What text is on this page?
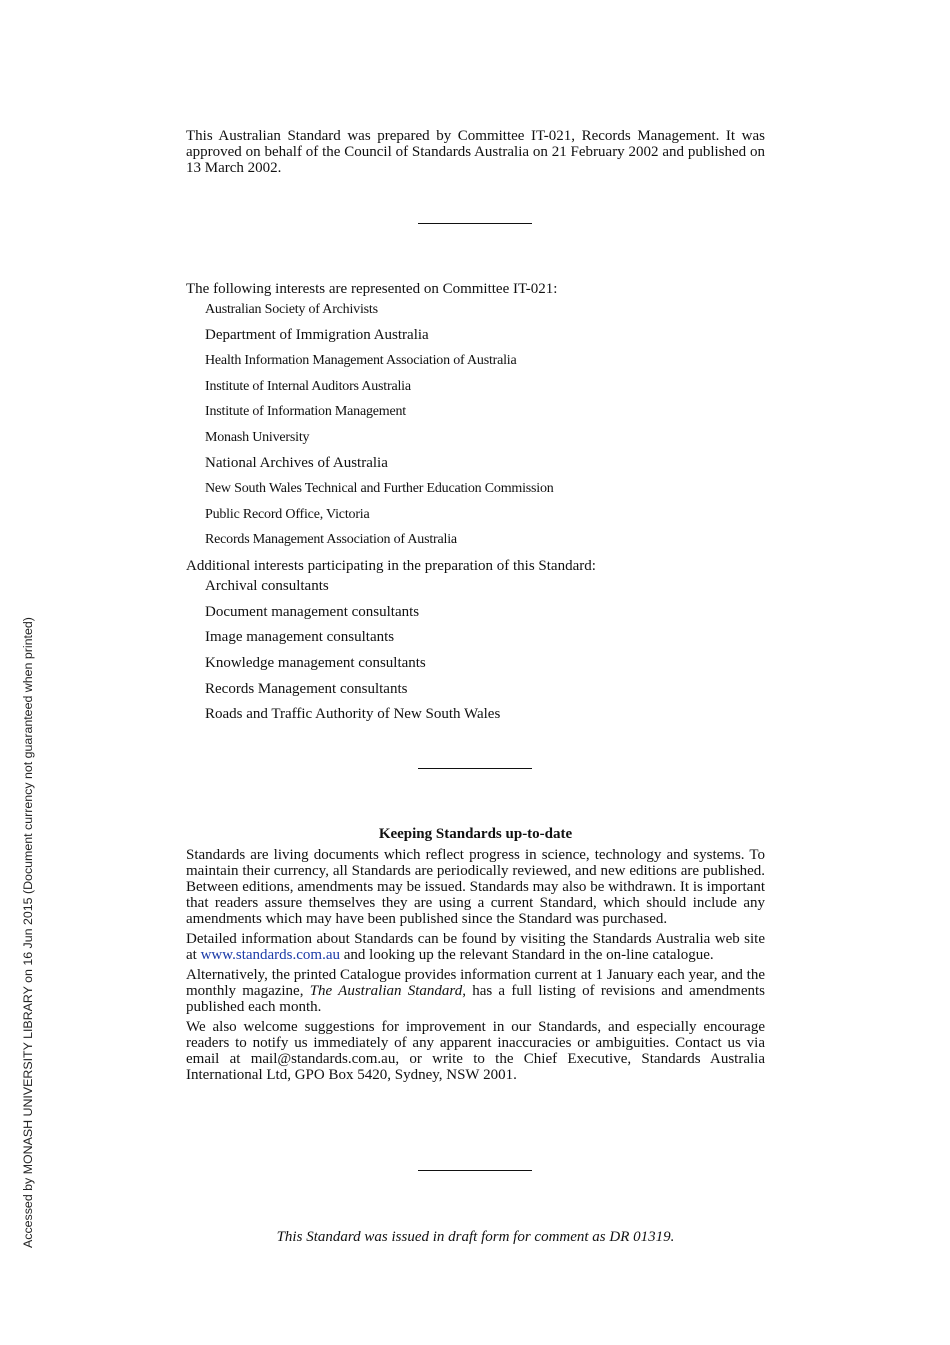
This Australian Standard was prepared by Committee IT-021, Records Management. It was approved on behalf of the Council of Standards Australia on 21 February 2002 and published on 13 March 2002.

The following interests are represented on Committee IT-021:

Australian Society of Archivists
Department of Immigration Australia
Health Information Management Association of Australia
Institute of Internal Auditors Australia
Institute of Information Management
Monash University
National Archives of Australia
New South Wales Technical and Further Education Commission
Public Record Office, Victoria
Records Management Association of Australia

Additional interests participating in the preparation of this Standard:

Archival consultants
Document management consultants
Image management consultants
Knowledge management consultants
Records Management consultants
Roads and Traffic Authority of New South Wales
Keeping Standards up-to-date

Standards are living documents which reflect progress in science, technology and systems. To maintain their currency, all Standards are periodically reviewed, and new editions are published. Between editions, amendments may be issued. Standards may also be withdrawn. It is important that readers assure themselves they are using a current Standard, which should include any amendments which may have been published since the Standard was purchased.

Detailed information about Standards can be found by visiting the Standards Australia web site at www.standards.com.au and looking up the relevant Standard in the on-line catalogue.

Alternatively, the printed Catalogue provides information current at 1 January each year, and the monthly magazine, The Australian Standard, has a full listing of revisions and amendments published each month.

We also welcome suggestions for improvement in our Standards, and especially encourage readers to notify us immediately of any apparent inaccuracies or ambiguities. Contact us via email at mail@standards.com.au, or write to the Chief Executive, Standards Australia International Ltd, GPO Box 5420, Sydney, NSW 2001.

This Standard was issued in draft form for comment as DR 01319.
Accessed by MONASH UNIVERSITY LIBRARY on 16 Jun 2015 (Document currency not guaranteed when printed)
